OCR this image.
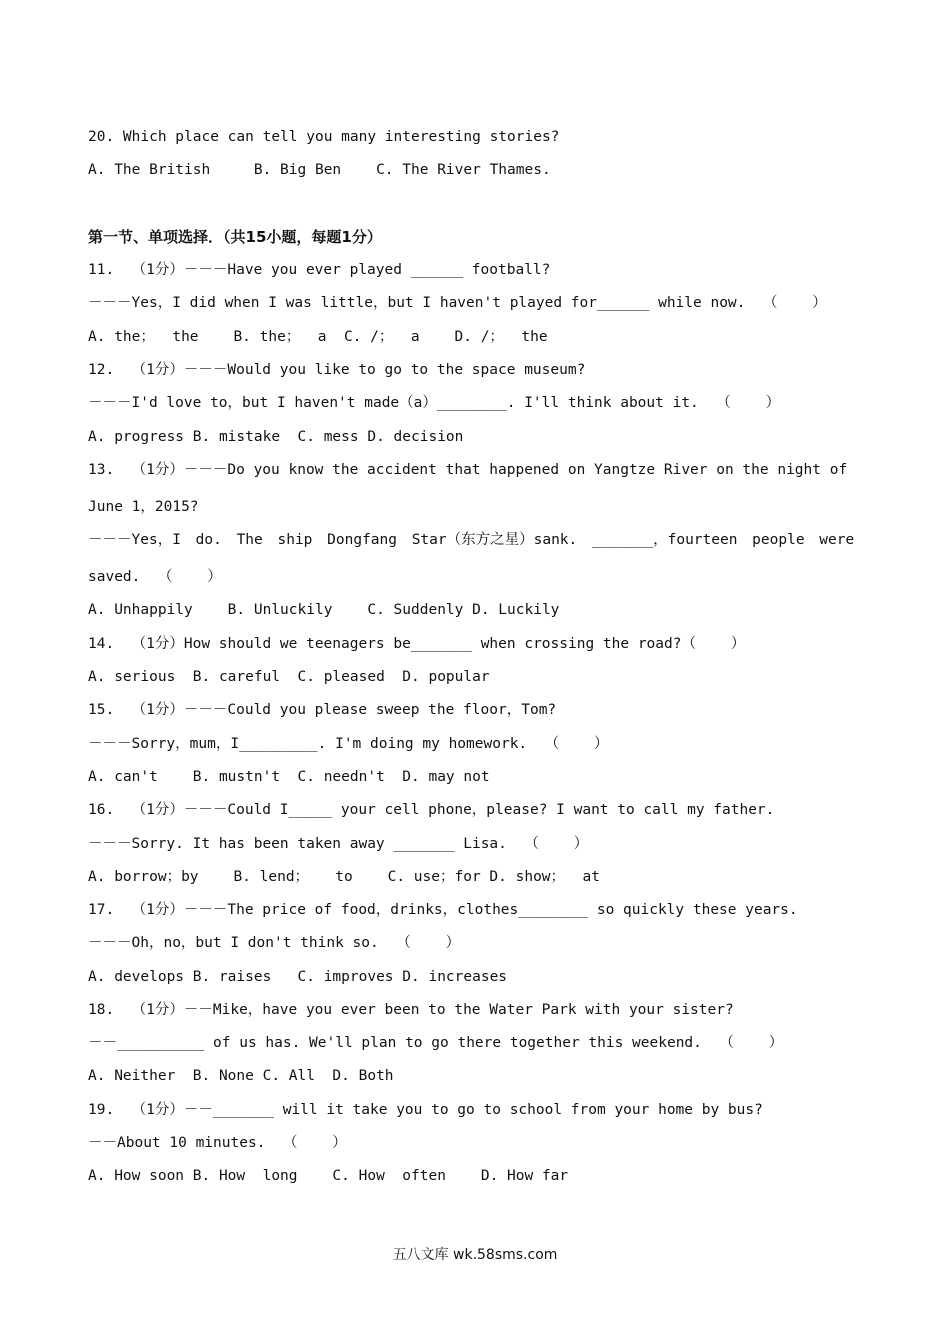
20. Which place can tell you many interesting stories?
A. The British     B. Big Ben    C. The River Thames.
第一节、单项选择．（共15小题，每题1分）
11.  （1分）－－－Have you ever played ______ football?
－－－Yes，I did when I was little，but I haven't played for______ while now.  （    ）
A. the；  the    B. the；  a  C. /；  a    D. /；  the
12.  （1分）－－－Would you like to go to the space museum?
－－－I'd love to，but I haven't made（a）________. I'll think about it.  （    ）
A. progress B. mistake  C. mess D. decision
13.  （1分）－－－Do you know the accident that happened on Yangtze River on the night of
June 1，2015?
－－－Yes，I do. The ship Dongfang Star（东方之星）sank. _______，fourteen people were
saved.  （    ）
A. Unhappily    B. Unluckily    C. Suddenly D. Luckily
14.  （1分）How should we teenagers be_______ when crossing the road?（    ）
A. serious  B. careful  C. pleased  D. popular
15.  （1分）－－－Could you please sweep the floor，Tom?
－－－Sorry，mum，I_________. I'm doing my homework.  （    ）
A. can't    B. mustn't  C. needn't  D. may not
16.  （1分）－－－Could I_____ your cell phone，please? I want to call my father.
－－－Sorry. It has been taken away _______ Lisa.  （    ）
A. borrow；by    B. lend；   to    C. use；for D. show；  at
17.  （1分）－－－The price of food，drinks，clothes________ so quickly these years.
－－－Oh，no，but I don't think so.  （    ）
A. develops B. raises   C. improves D. increases
18.  （1分）－－Mike，have you ever been to the Water Park with your sister?
－－__________ of us has. We'll plan to go there together this weekend.  （    ）
A. Neither  B. None C. All  D. Both
19.  （1分）－－_______ will it take you to go to school from your home by bus?
－－About 10 minutes.  （    ）
A. How soon B. How  long    C. How  often    D. How far
五八文库 wk.58sms.com
